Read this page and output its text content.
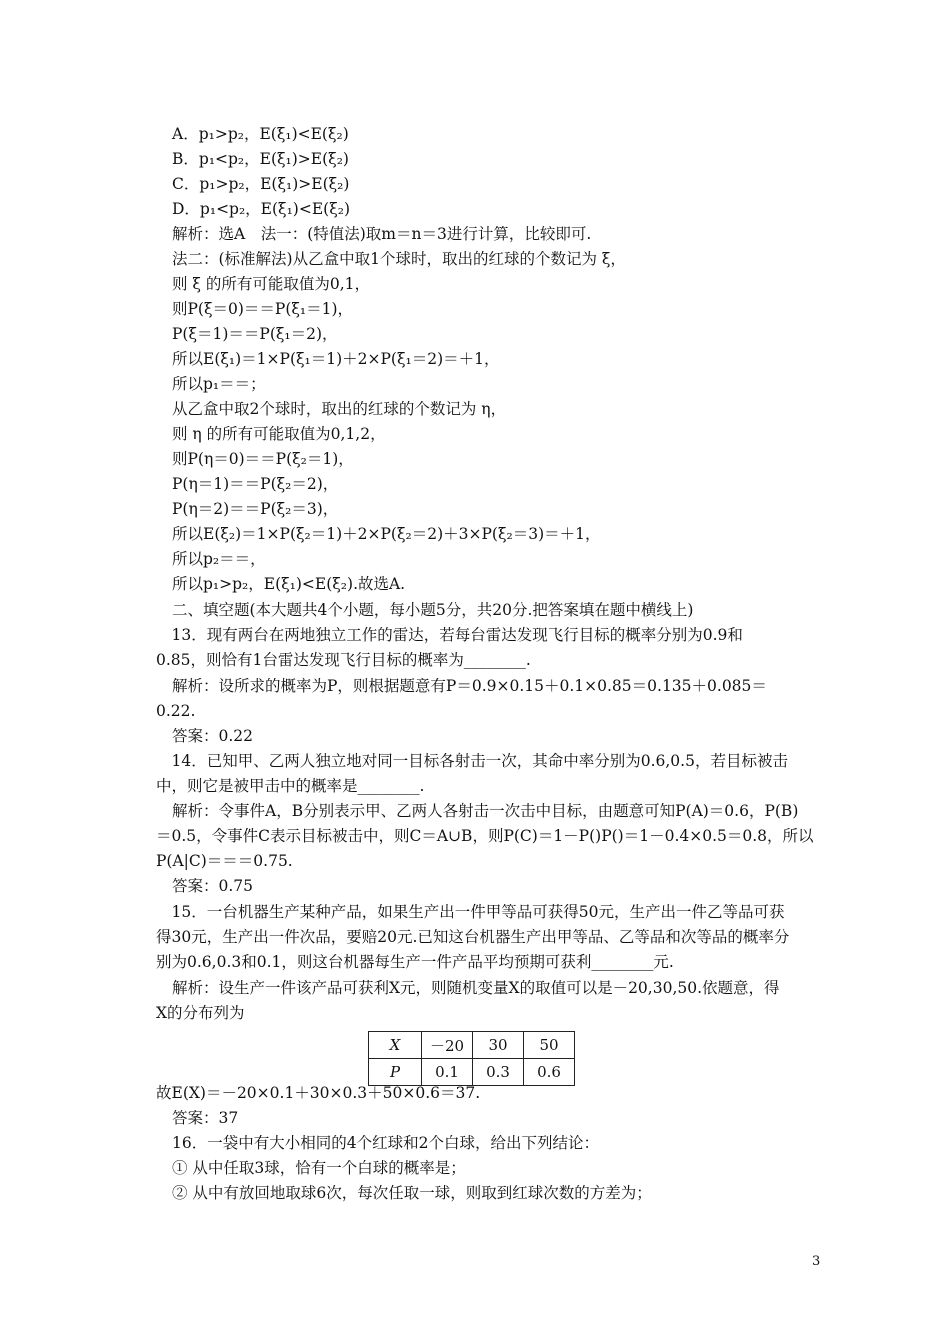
A．p₁>p₂，E(ξ₁)<E(ξ₂)
B．p₁<p₂，E(ξ₁)>E(ξ₂)
C．p₁>p₂，E(ξ₁)>E(ξ₂)
D．p₁<p₂，E(ξ₁)<E(ξ₂)
解析：选A　法一：(特值法)取m＝n＝3进行计算，比较即可.
法二：(标准解法)从乙盒中取1个球时，取出的红球的个数记为 ξ，
则 ξ 的所有可能取值为0,1，
则P(ξ＝0)＝＝P(ξ₁＝1)，
P(ξ＝1)＝＝P(ξ₁＝2)，
所以E(ξ₁)＝1×P(ξ₁＝1)＋2×P(ξ₁＝2)＝＋1，
所以p₁＝＝；
从乙盒中取2个球时，取出的红球的个数记为 η，
则 η 的所有可能取值为0,1,2，
则P(η＝0)＝＝P(ξ₂＝1)，
P(η＝1)＝＝P(ξ₂＝2)，
P(η＝2)＝＝P(ξ₂＝3)，
所以E(ξ₂)＝1×P(ξ₂＝1)＋2×P(ξ₂＝2)＋3×P(ξ₂＝3)＝＋1，
所以p₂＝＝，
所以p₁>p₂，E(ξ₁)<E(ξ₂).故选A.
二、填空题(本大题共4个小题，每小题5分，共20分.把答案填在题中横线上)
　13．现有两台在两地独立工作的雷达，若每台雷达发现飞行目标的概率分别为0.9和
0.85，则恰有1台雷达发现飞行目标的概率为________.
解析：设所求的概率为P，则根据题意有P＝0.9×0.15＋0.1×0.85＝0.135＋0.085＝
0.22.
答案：0.22
　14．已知甲、乙两人独立地对同一目标各射击一次，其命中率分别为0.6,0.5，若目标被击
中，则它是被甲击中的概率是________.
解析：令事件A，B分别表示甲、乙两人各射击一次击中目标，由题意可知P(A)＝0.6，P(B)
＝0.5，令事件C表示目标被击中，则C＝A∪B，则P(C)＝1－P()P()＝1－0.4×0.5＝0.8，所以
P(A|C)＝＝＝0.75.
答案：0.75
　15．一台机器生产某种产品，如果生产出一件甲等品可获得50元，生产出一件乙等品可获
得30元，生产出一件次品，要赔20元.已知这台机器生产出甲等品、乙等品和次等品的概率分
别为0.6,0.3和0.1，则这台机器每生产一件产品平均预期可获利________元.
解析：设生产一件该产品可获利X元，则随机变量X的取值可以是－20,30,50.依题意，得
X的分布列为
X	－20	30	50
P	0.1	0.3	0.6
故E(X)＝－20×0.1＋30×0.3＋50×0.6＝37.
答案：37
16．一袋中有大小相同的4个红球和2个白球，给出下列结论：
① 从中任取3球，恰有一个白球的概率是；
② 从中有放回地取球6次，每次任取一球，则取到红球次数的方差为；
3
